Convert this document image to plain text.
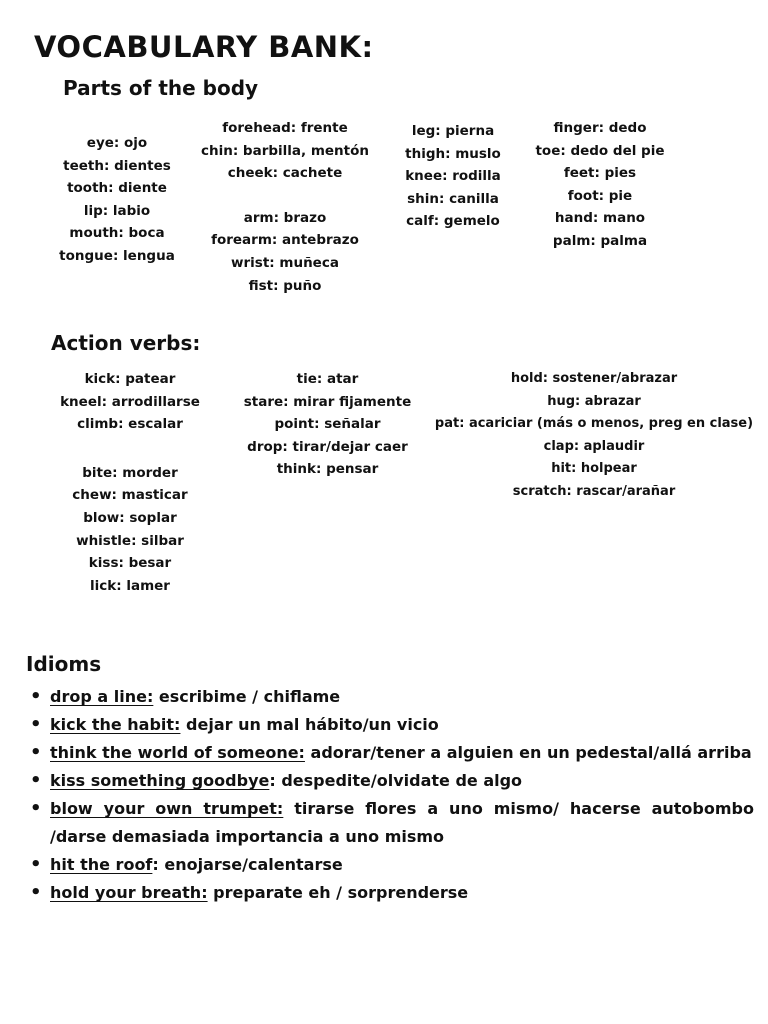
VOCABULARY BANK:
Parts of the body
eye: ojo
teeth: dientes
tooth: diente
lip: labio
mouth: boca
tongue: lengua
forehead: frente
chin: barbilla, mentón
cheek: cachete
arm: brazo
forearm: antebrazo
wrist: muñeca
fist: puño
leg: pierna
thigh: muslo
knee: rodilla
shin: canilla
calf: gemelo
finger: dedo
toe: dedo del pie
feet: pies
foot: pie
hand: mano
palm: palma
Action verbs:
kick: patear
kneel: arrodillarse
climb: escalar
bite: morder
chew: masticar
blow: soplar
whistle: silbar
kiss: besar
lick: lamer
tie: atar
stare: mirar fijamente
point: señalar
drop: tirar/dejar caer
think: pensar
hold: sostener/abrazar
hug: abrazar
pat: acariciar (más o menos, preg en clase)
clap: aplaudir
hit: holpear
scratch: rascar/arañar
Idioms
• drop a line: escribime / chiflame
• kick the habit: dejar un mal hábito/un vicio
• think the world of someone: adorar/tener a alguien en un pedestal/allá arriba
• kiss something goodbye: despedite/olvidate de algo
• blow your own trumpet: tirarse flores a uno mismo/ hacerse autobombo /darse demasiada importancia a uno mismo
• hit the roof: enojarse/calentarse
• hold your breath: preparate eh / sorprenderse
